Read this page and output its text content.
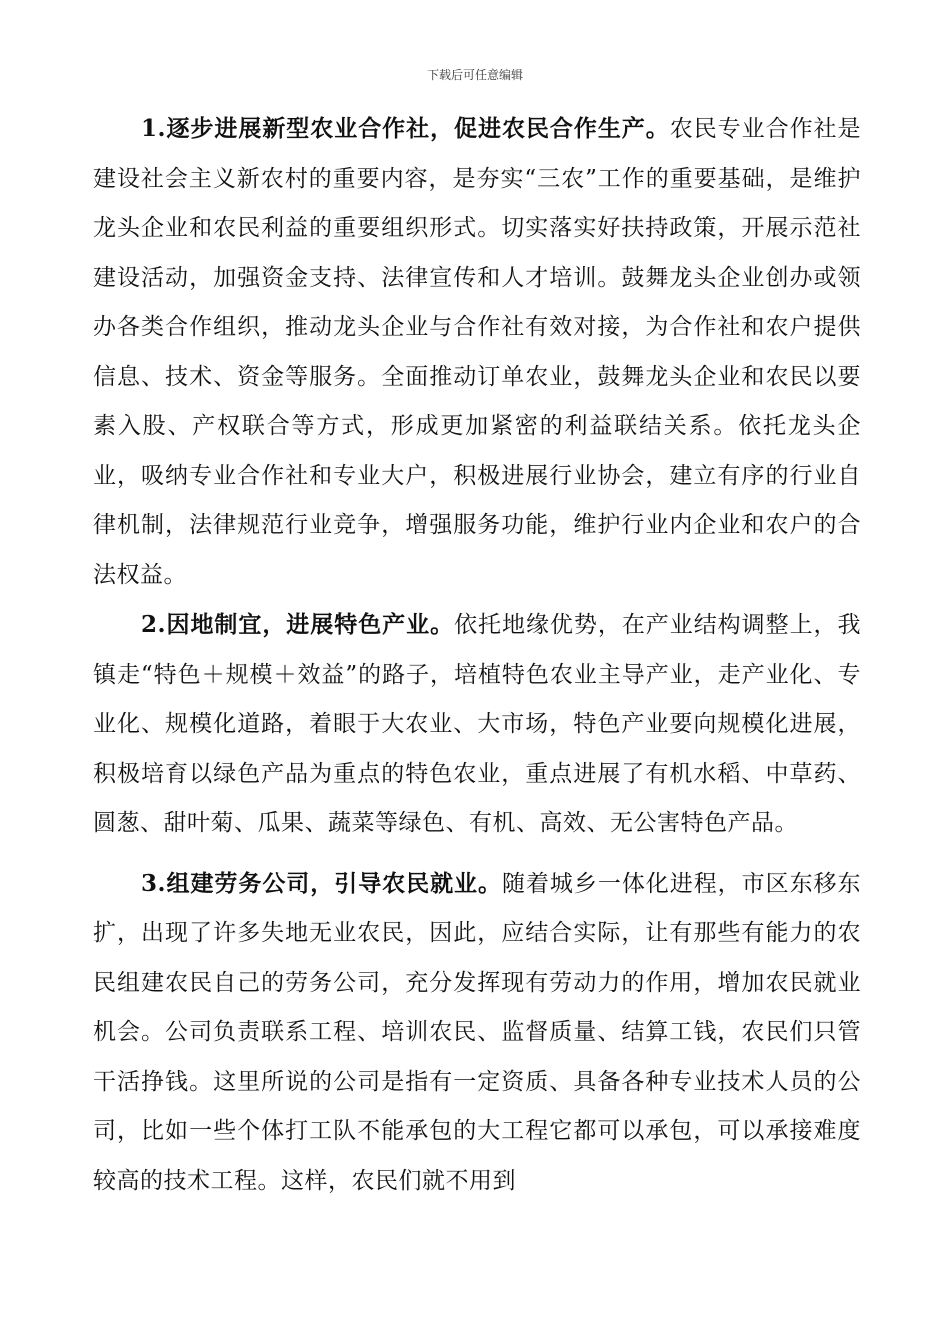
下载后可任意编辑

1.逐步进展新型农业合作社，促进农民合作生产。农民专业合作社是建设社会主义新农村的重要内容，是夯实“三农”工作的重要基础，是维护龙头企业和农民利益的重要组织形式。切实落实好扶持政策，开展示范社建设活动，加强资金支持、法律宣传和人才培训。鼓舞龙头企业创办或领办各类合作组织，推动龙头企业与合作社有效对接，为合作社和农户提供信息、技术、资金等服务。全面推动订单农业，鼓舞龙头企业和农民以要素入股、产权联合等方式，形成更加紧密的利益联结关系。依托龙头企业，吸纳专业合作社和专业大户，积极进展行业协会，建立有序的行业自律机制，法律规范行业竞争，增强服务功能，维护行业内企业和农户的合法权益。

2.因地制宜，进展特色产业。依托地缘优势，在产业结构调整上，我镇走“特色＋规模＋效益”的路子，培植特色农业主导产业，走产业化、专业化、规模化道路，着眼于大农业、大市场，特色产业要向规模化进展，积极培育以绿色产品为重点的特色农业，重点进展了有机水稻、中草药、圆葱、甜叶菊、瓜果、蔬菜等绿色、有机、高效、无公害特色产品。

3.组建劳务公司，引导农民就业。随着城乡一体化进程，市区东移东扩，出现了许多失地无业农民，因此，应结合实际，让有那些有能力的农民组建农民自己的劳务公司，充分发挥现有劳动力的作用，增加农民就业机会。公司负责联系工程、培训农民、监督质量、结算工钱，农民们只管干活挣钱。这里所说的公司是指有一定资质、具备各种专业技术人员的公司，比如一些个体打工队不能承包的大工程它都可以承包，可以承接难度较高的技术工程。这样，农民们就不用到
